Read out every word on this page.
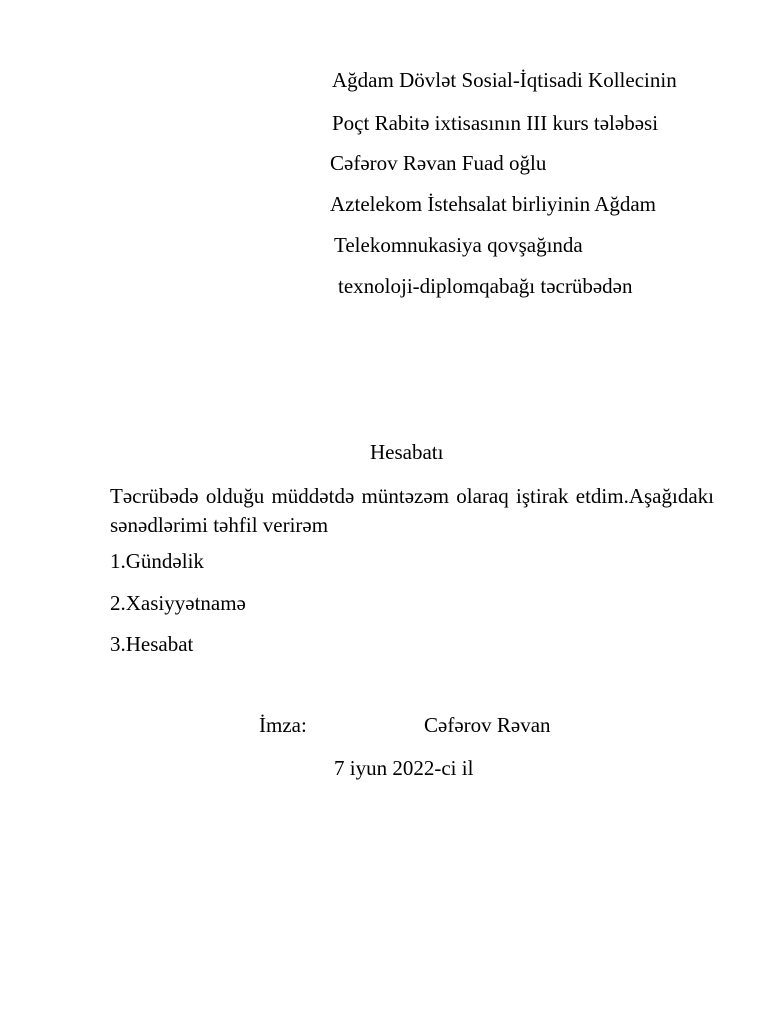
Ağdam Dövlət Sosial-İqtisadi Kollecinin
Poçt Rabitə ixtisasının III kurs tələbəsi
Cəfərov Rəvan Fuad oğlu
Aztelekom İstehsalat birliyinin Ağdam
Telekomnukasiya qovşağında
texnoloji-diplomqabağı təcrübədən
Hesabatı
Təcrübədə olduğu müddətdə müntəzəm olaraq iştirak etdim.Aşağıdakı sənədlərimi təhfil verirəm
1.Gündəlik
2.Xasiyyətnamə
3.Hesabat
İmza:	Cəfərov Rəvan
7 iyun 2022-ci il
